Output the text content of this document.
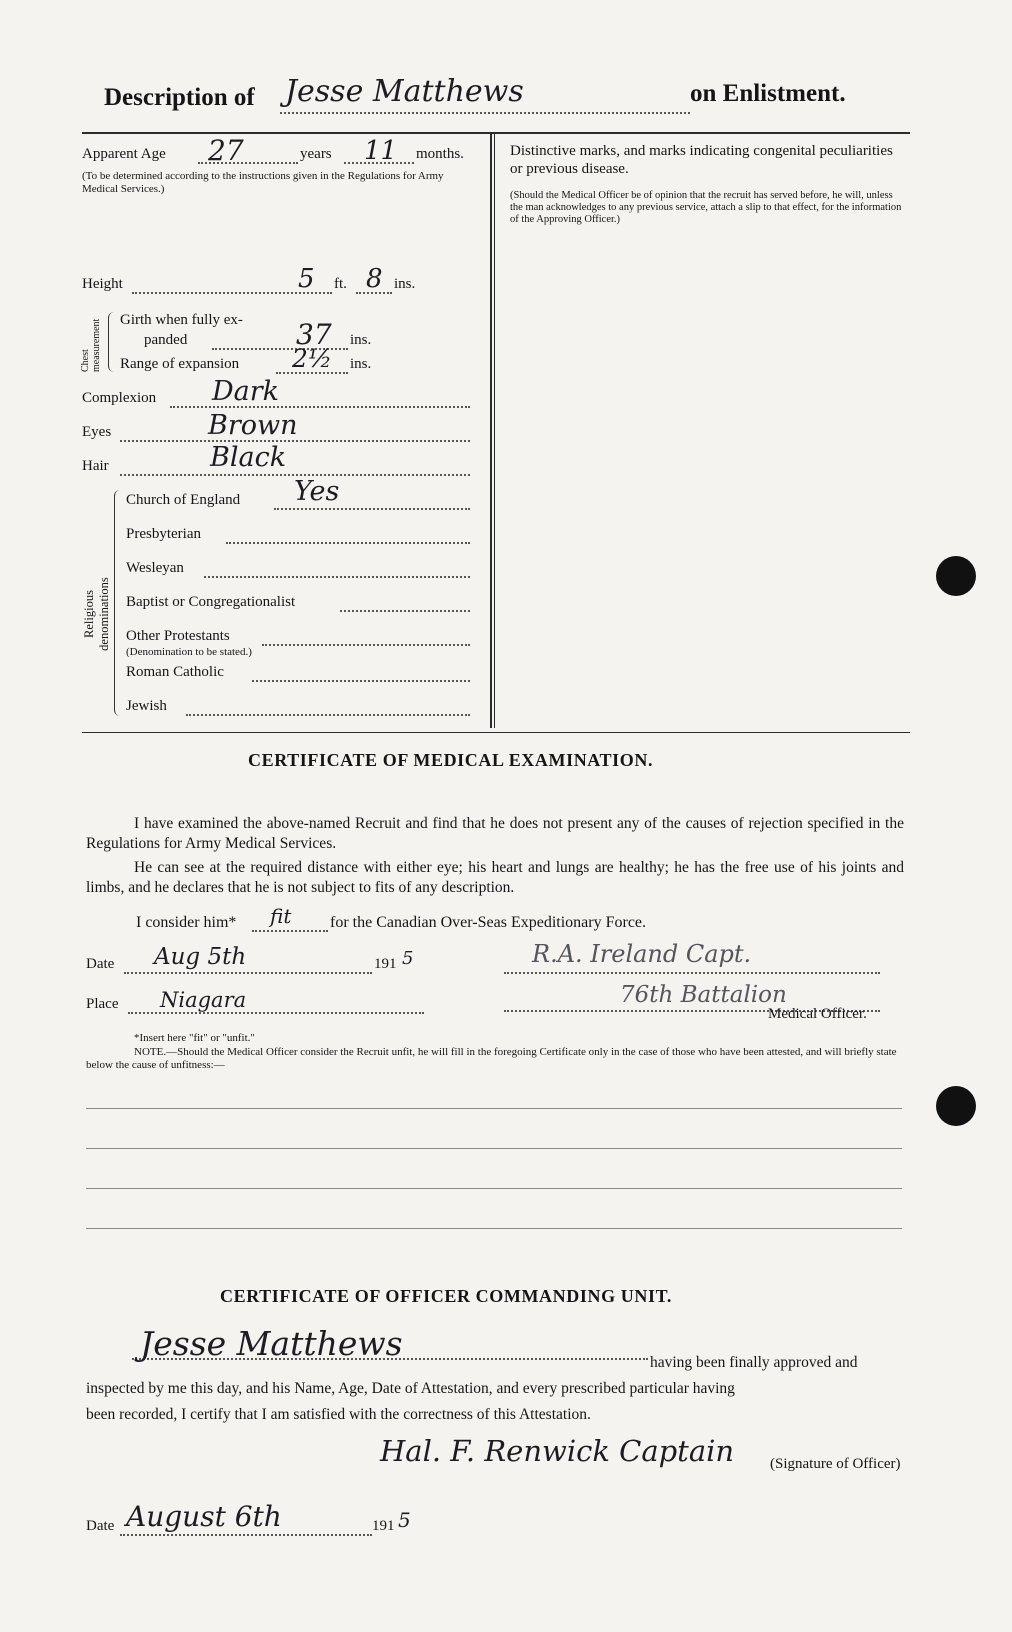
Description of Jesse Matthews	on Enlistment.
Apparent Age 27	years 11 months.
(To be determined according to the instructions given in the Regulations for Army Medical Services.)
Height	5 ft. 8 ins.
Chest measurement Girth when fully ex-
panded	37 ins.
Range of expansion 2½ ins.
Complexion Dark
Eyes	Brown
Hair	Black
Religious denominations
Church of England Yes
Presbyterian
Wesleyan
Baptist or Congregationalist
Other Protestants
(Denomination to be stated.)
Roman Catholic
Jewish
Distinctive marks, and marks indicating congenital peculiarities or previous disease.
(Should the Medical Officer be of opinion that the recruit has served before, he will, unless the man acknowledges to any previous service, attach a slip to that effect, for the information of the Approving Officer.)
CERTIFICATE OF MEDICAL EXAMINATION.
I have examined the above-named Recruit and find that he does not present any of the causes of rejection specified in the Regulations for Army Medical Services.
He can see at the required distance with either eye; his heart and lungs are healthy; he has the free use of his joints and limbs, and he declares that he is not subject to fits of any description.
I consider him* fit for the Canadian Over-Seas Expeditionary Force.
Date Aug 5th	191 5	R.A. Ireland Capt.
Place Niagara	76th Battalion
Medical Officer.
*Insert here "fit" or "unfit."
NOTE.—Should the Medical Officer consider the Recruit unfit, he will fill in the foregoing Certificate only in the case of those who have been attested, and will briefly state below the cause of unfitness:—
CERTIFICATE OF OFFICER COMMANDING UNIT.
Jesse Matthews	having been finally approved and
inspected by me this day, and his Name, Age, Date of Attestation, and every prescribed particular having
been recorded, I certify that I am satisfied with the correctness of this Attestation.
Hal. F. Renwick Captain (Signature of Officer)
Date August 6th	191 5
